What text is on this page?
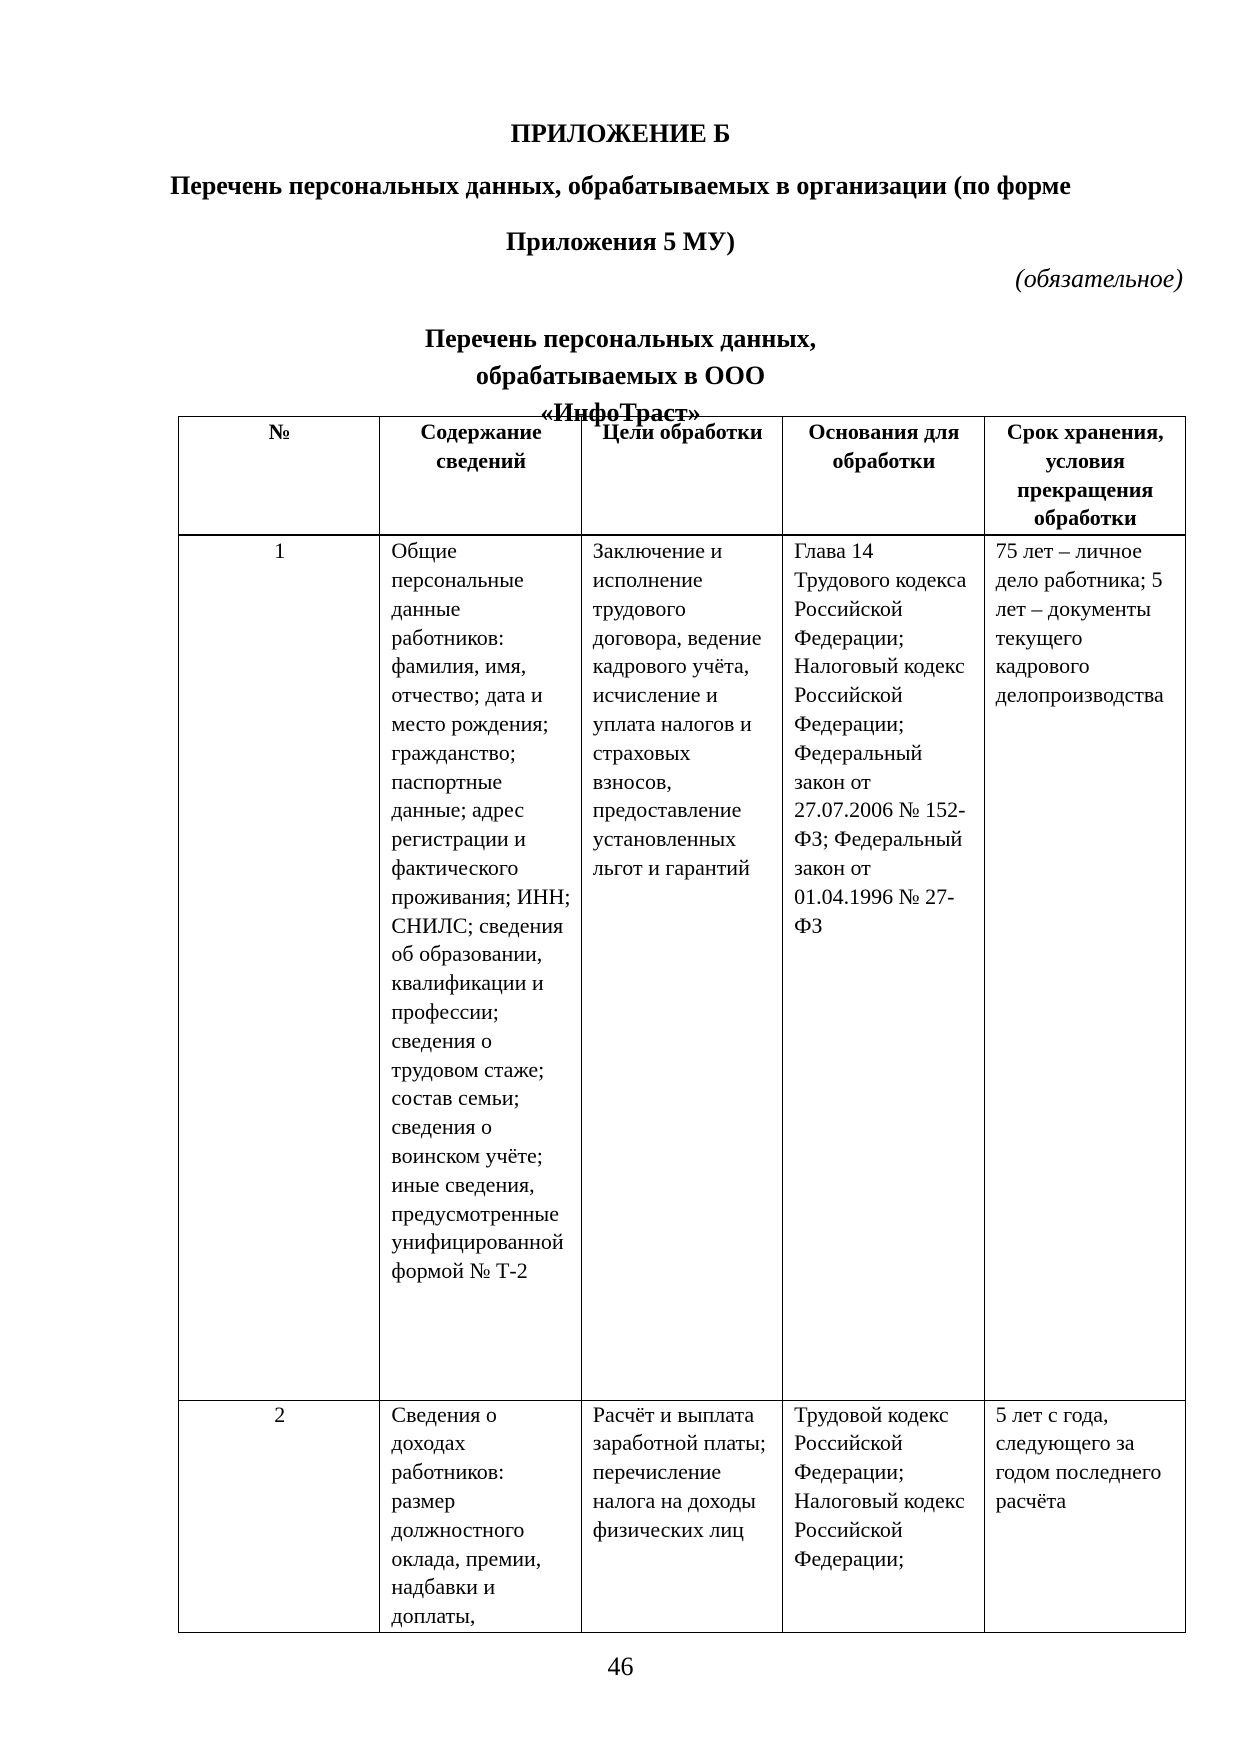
ПРИЛОЖЕНИЕ Б
Перечень персональных данных, обрабатываемых в организации (по форме Приложения 5 МУ)
(обязательное)
Перечень персональных данных, обрабатываемых в ООО «ИнфоТраст»
№	Содержание сведений	Цели обработки	Основания для обработки	Срок хранения, условия прекращения обработки
1	Общие персональные данные работников: фамилия, имя, отчество; дата и место рождения; гражданство; паспортные данные; адрес регистрации и фактического проживания; ИНН; СНИЛС; сведения об образовании, квалификации и профессии; сведения о трудовом стаже; состав семьи; сведения о воинском учёте; иные сведения, предусмотренные унифицированной формой № Т-2	Заключение и исполнение трудового договора, ведение кадрового учёта, исчисление и уплата налогов и страховых взносов, предоставление установленных льгот и гарантий	Глава 14 Трудового кодекса Российской Федерации; Налоговый кодекс Российской Федерации; Федеральный закон от 27.07.2006 № 152-ФЗ; Федеральный закон от 01.04.1996 № 27-ФЗ	75 лет – личное дело работника; 5 лет – документы текущего кадрового делопроизводства
2	Сведения о доходах работников: размер должностного оклада, премии, надбавки и доплаты,	Расчёт и выплата заработной платы; перечисление налога на доходы физических лиц	Трудовой кодекс Российской Федерации; Налоговый кодекс Российской Федерации;	5 лет с года, следующего за годом последнего расчёта
46
